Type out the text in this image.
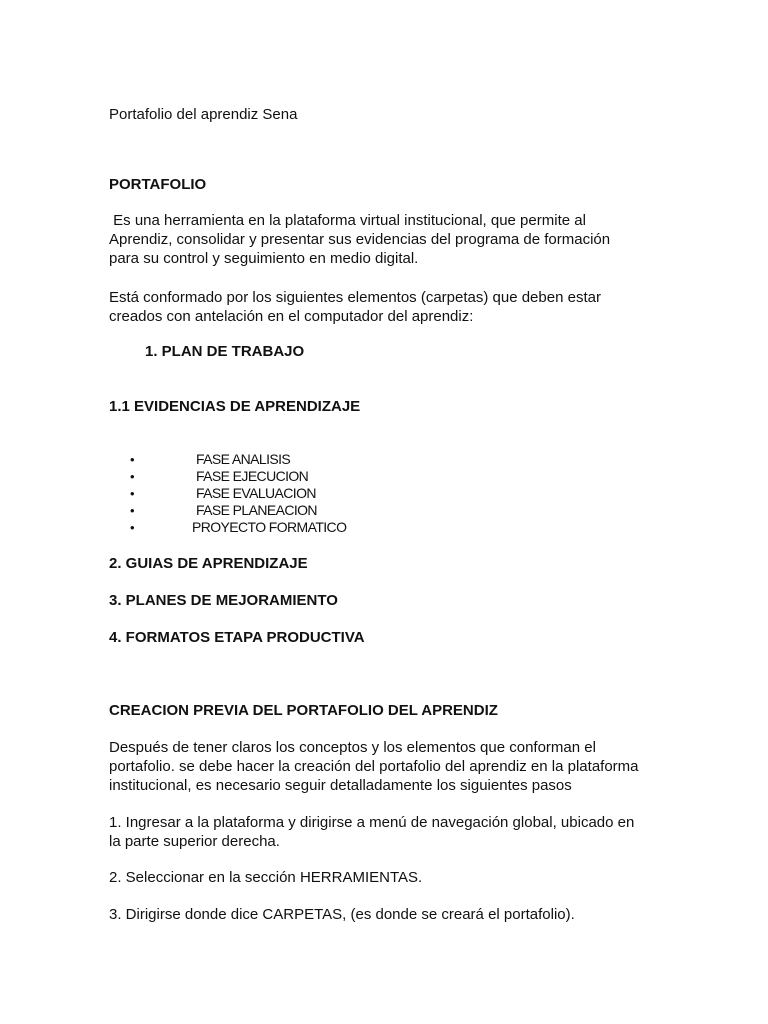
Portafolio del aprendiz Sena

PORTAFOLIO

Es una herramienta en la plataforma virtual institucional, que permite al
Aprendiz, consolidar y presentar sus evidencias del programa de formación
para su control y seguimiento en medio digital.
Está conformado por los siguientes elementos (carpetas) que deben estar
creados con antelación en el computador del aprendiz:

1. PLAN DE TRABAJO

1.1 EVIDENCIAS DE APRENDIZAJE

•	FASE ANALISIS
•	FASE EJECUCION
•	FASE EVALUACION
•	FASE PLANEACION
•	PROYECTO FORMATICO

2. GUIAS DE APRENDIZAJE

3. PLANES DE MEJORAMIENTO

4. FORMATOS ETAPA PRODUCTIVA

CREACION PREVIA DEL PORTAFOLIO DEL APRENDIZ

Después de tener claros los conceptos y los elementos que conforman el
portafolio. se debe hacer la creación del portafolio del aprendiz en la plataforma
institucional, es necesario seguir detalladamente los siguientes pasos
1. Ingresar a la plataforma y dirigirse a menú de navegación global, ubicado en
la parte superior derecha.

2. Seleccionar en la sección HERRAMIENTAS.

3. Dirigirse donde dice CARPETAS, (es donde se creará el portafolio).
